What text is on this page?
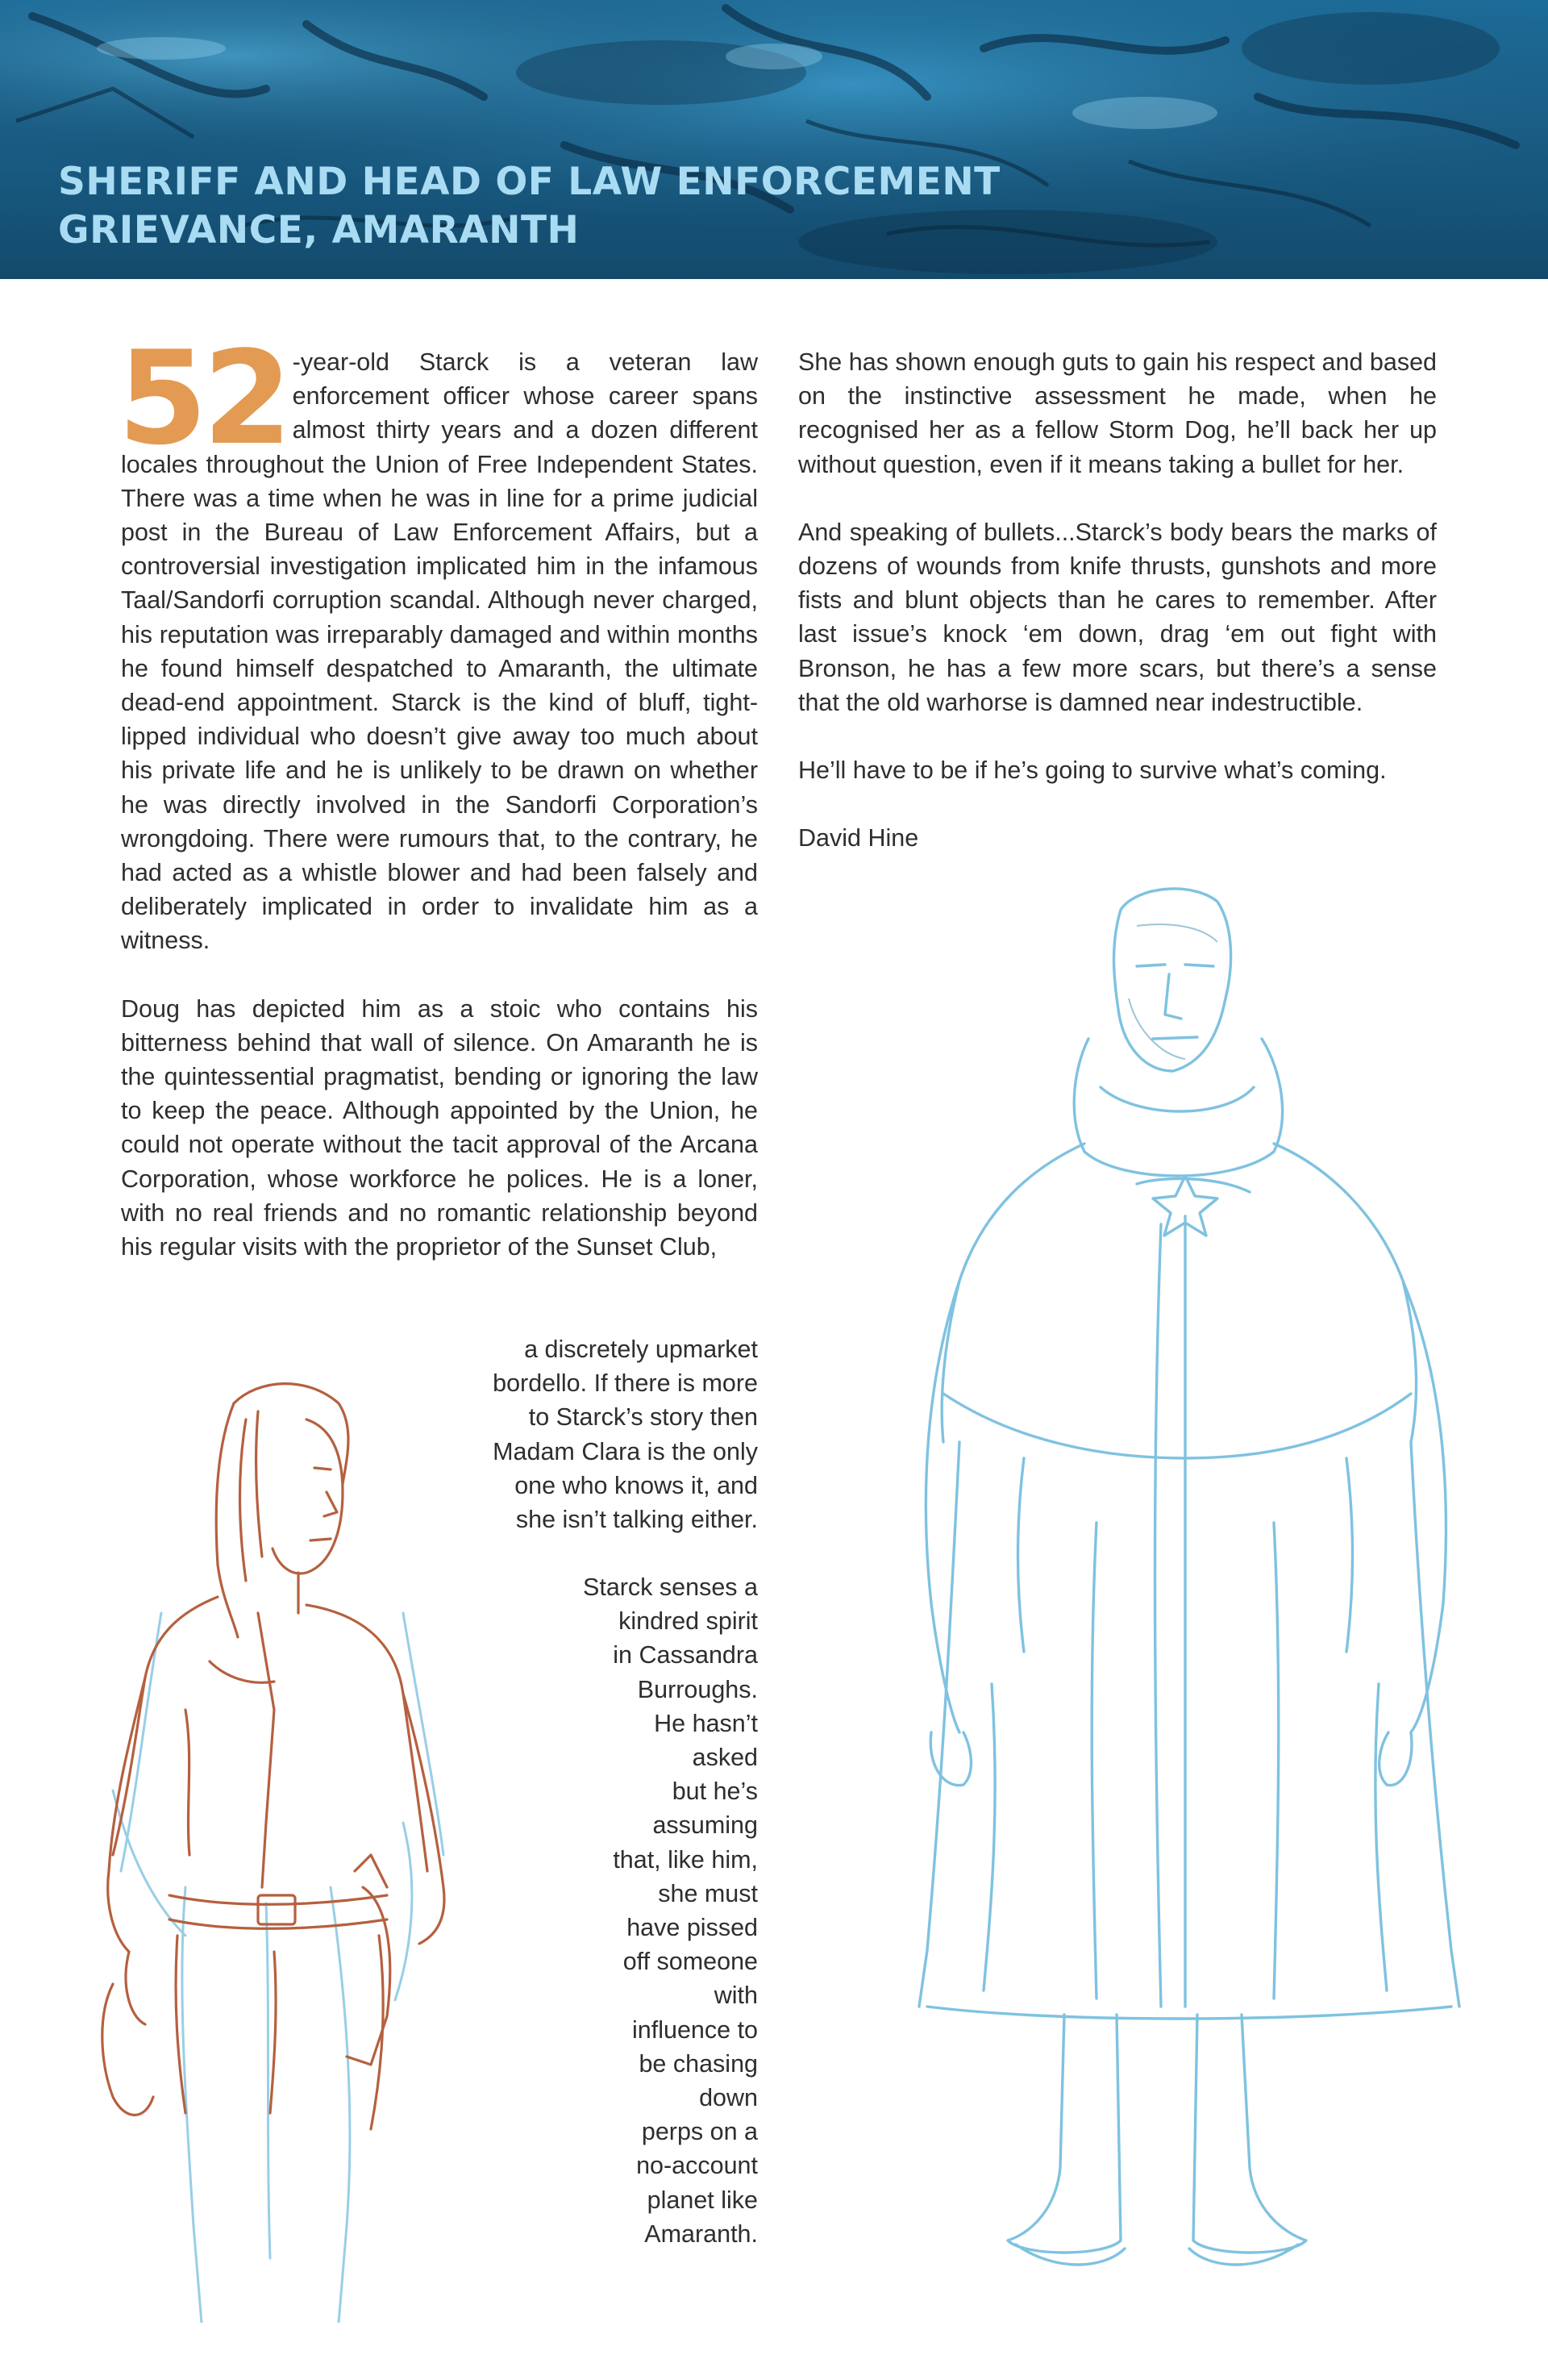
SHERIFF AND HEAD OF LAW ENFORCEMENT
GRIEVANCE, AMARANTH

52 -year-old Starck is a veteran law enforcement officer whose career spans almost thirty years and a dozen different locales throughout the Union of Free Independent States. There was a time when he was in line for a prime judicial post in the Bureau of Law Enforcement Affairs, but a controversial investigation implicated him in the infamous Taal/Sandorfi corruption scandal. Although never charged, his reputation was irreparably damaged and within months he found himself despatched to Amaranth, the ultimate dead-end appointment. Starck is the kind of bluff, tight-lipped individual who doesn’t give away too much about his private life and he is unlikely to be drawn on whether he was directly involved in the Sandorfi Corporation’s wrongdoing. There were rumours that, to the contrary, he had acted as a whistle blower and had been falsely and deliberately implicated in order to invalidate him as a witness.

Doug has depicted him as a stoic who contains his bitterness behind that wall of silence. On Amaranth he is the quintessential pragmatist, bending or ignoring the law to keep the peace. Although appointed by the Union, he could not operate without the tacit approval of the Arcana Corporation, whose workforce he polices. He is a loner, with no real friends and no romantic relationship beyond his regular visits with the proprietor of the Sunset Club,

a discretely upmarket
bordello. If there is more
to Starck’s story then
Madam Clara is the only
one who knows it, and
she isn’t talking either.
Starck senses a
kindred spirit
in Cassandra
Burroughs.
He hasn’t
asked
but he’s
assuming
that, like him,
she must
have pissed
off someone
with
influence to
be chasing
down
perps on a
no-account
planet like
Amaranth.

She has shown enough guts to gain his respect and based on the instinctive assessment he made, when he recognised her as a fellow Storm Dog, he’ll back her up without question, even if it means taking a bullet for her.

And speaking of bullets...Starck’s body bears the marks of dozens of wounds from knife thrusts, gunshots and more fists and blunt objects than he cares to remember. After last issue’s knock ‘em down, drag ‘em out fight with Bronson, he has a few more scars, but there’s a sense that the old warhorse is damned near indestructible.

He’ll have to be if he’s going to survive what’s coming.

David Hine
